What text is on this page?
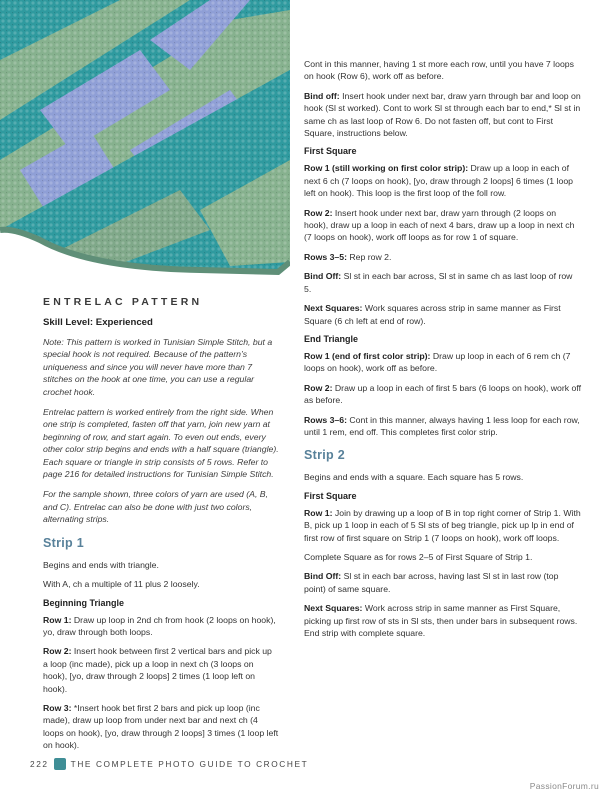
ENTRELAC PATTERN
Skill Level: Experienced

Note: This pattern is worked in Tunisian Simple Stitch, but a special hook is not required. Because of the pattern’s uniqueness and since you will never have more than 7 stitches on the hook at one time, you can use a regular crochet hook.

Entrelac pattern is worked entirely from the right side. When one strip is completed, fasten off that yarn, join new yarn at beginning of row, and start again. To even out ends, every other color strip begins and ends with a half square (triangle). Each square or triangle in strip consists of 5 rows. Refer to page 216 for detailed instructions for Tunisian Simple Stitch.

For the sample shown, three colors of yarn are used (A, B, and C). Entrelac can also be done with just two colors, alternating strips.

Strip 1

Begins and ends with triangle.

With A, ch a multiple of 11 plus 2 loosely.

Beginning Triangle

Row 1: Draw up loop in 2nd ch from hook (2 loops on hook), yo, draw through both loops.

Row 2: Insert hook between first 2 vertical bars and pick up a loop (inc made), pick up a loop in next ch (3 loops on hook), [yo, draw through 2 loops] 2 times (1 loop left on hook).

Row 3: *Insert hook bet first 2 bars and pick up loop (inc made), draw up loop from under next bar and next ch (4 loops on hook), [yo, draw through 2 loops] 3 times (1 loop left on hook).

Cont in this manner, having 1 st more each row, until you have 7 loops on hook (Row 6), work off as before.

Bind off: Insert hook under next bar, draw yarn through bar and loop on hook (Sl st worked). Cont to work Sl st through each bar to end,* Sl st in same ch as last loop of Row 6. Do not fasten off, but cont to First Square, instructions below.

First Square

Row 1 (still working on first color strip): Draw up a loop in each of next 6 ch (7 loops on hook), [yo, draw through 2 loops] 6 times (1 loop left on hook). This loop is the first loop of the foll row.

Row 2: Insert hook under next bar, draw yarn through (2 loops on hook), draw up a loop in each of next 4 bars, draw up a loop in next ch (7 loops on hook), work off loops as for row 1 of square.

Rows 3–5: Rep row 2.

Bind Off: Sl st in each bar across, Sl st in same ch as last loop of row 5.

Next Squares: Work squares across strip in same manner as First Square (6 ch left at end of row).

End Triangle

Row 1 (end of first color strip): Draw up loop in each of 6 rem ch (7 loops on hook), work off as before.

Row 2: Draw up a loop in each of first 5 bars (6 loops on hook), work off as before.

Rows 3–6: Cont in this manner, always having 1 less loop for each row, until 1 rem, end off. This completes first color strip.

Strip 2

Begins and ends with a square. Each square has 5 rows.

First Square

Row 1: Join by drawing up a loop of B in top right corner of Strip 1. With B, pick up 1 loop in each of 5 Sl sts of beg triangle, pick up lp in end of first row of first square on Strip 1 (7 loops on hook), work off loops.

Complete Square as for rows 2–5 of First Square of Strip 1.

Bind Off: Sl st in each bar across, having last Sl st in last row (top point) of same square.

Next Squares: Work across strip in same manner as First Square, picking up first row of sts in Sl sts, then under bars in subsequent rows. End strip with complete square.

222	THE COMPLETE PHOTO GUIDE TO CROCHET
PassionForum.ru
